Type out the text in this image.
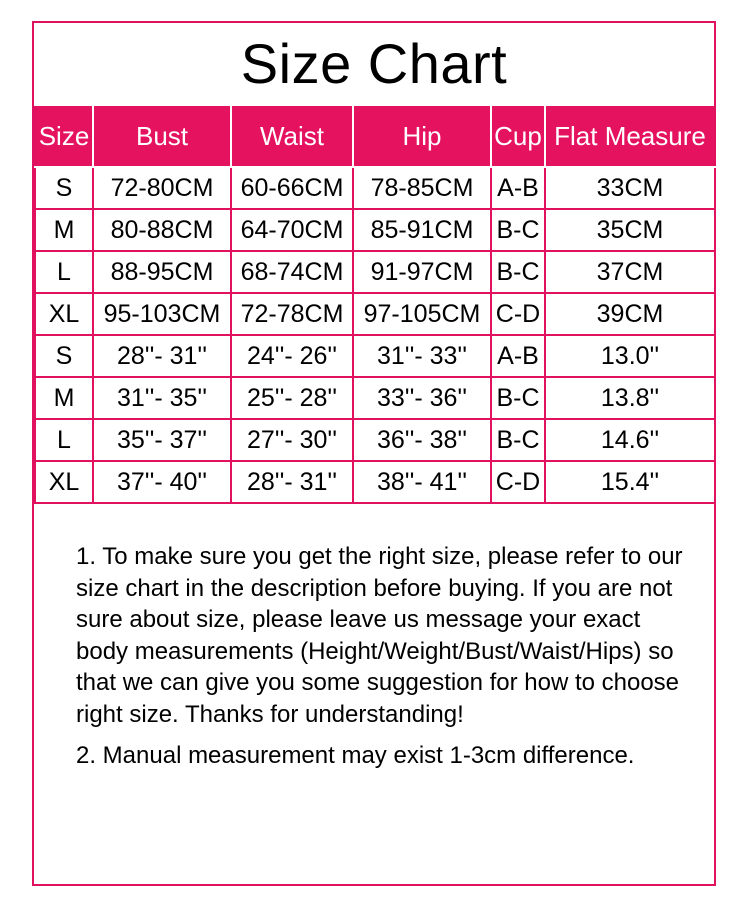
Size Chart
Size	Bust	Waist	Hip	Cup	Flat Measure
S	72-80CM	60-66CM	78-85CM	A-B	33CM
M	80-88CM	64-70CM	85-91CM	B-C	35CM
L	88-95CM	68-74CM	91-97CM	B-C	37CM
XL	95-103CM	72-78CM	97-105CM	C-D	39CM
S	28''- 31''	24''- 26''	31''- 33''	A-B	13.0''
M	31''- 35''	25''- 28''	33''- 36''	B-C	13.8''
L	35''- 37''	27''- 30''	36''- 38''	B-C	14.6''
XL	37''- 40''	28''- 31''	38''- 41''	C-D	15.4''

1. To make sure you get the right size, please refer to our size chart in the description before buying. If you are not sure about size, please leave us message your exact body measurements (Height/Weight/Bust/Waist/Hips) so that we can give you some suggestion for how to choose right size. Thanks for understanding!

2. Manual measurement may exist 1-3cm difference.
